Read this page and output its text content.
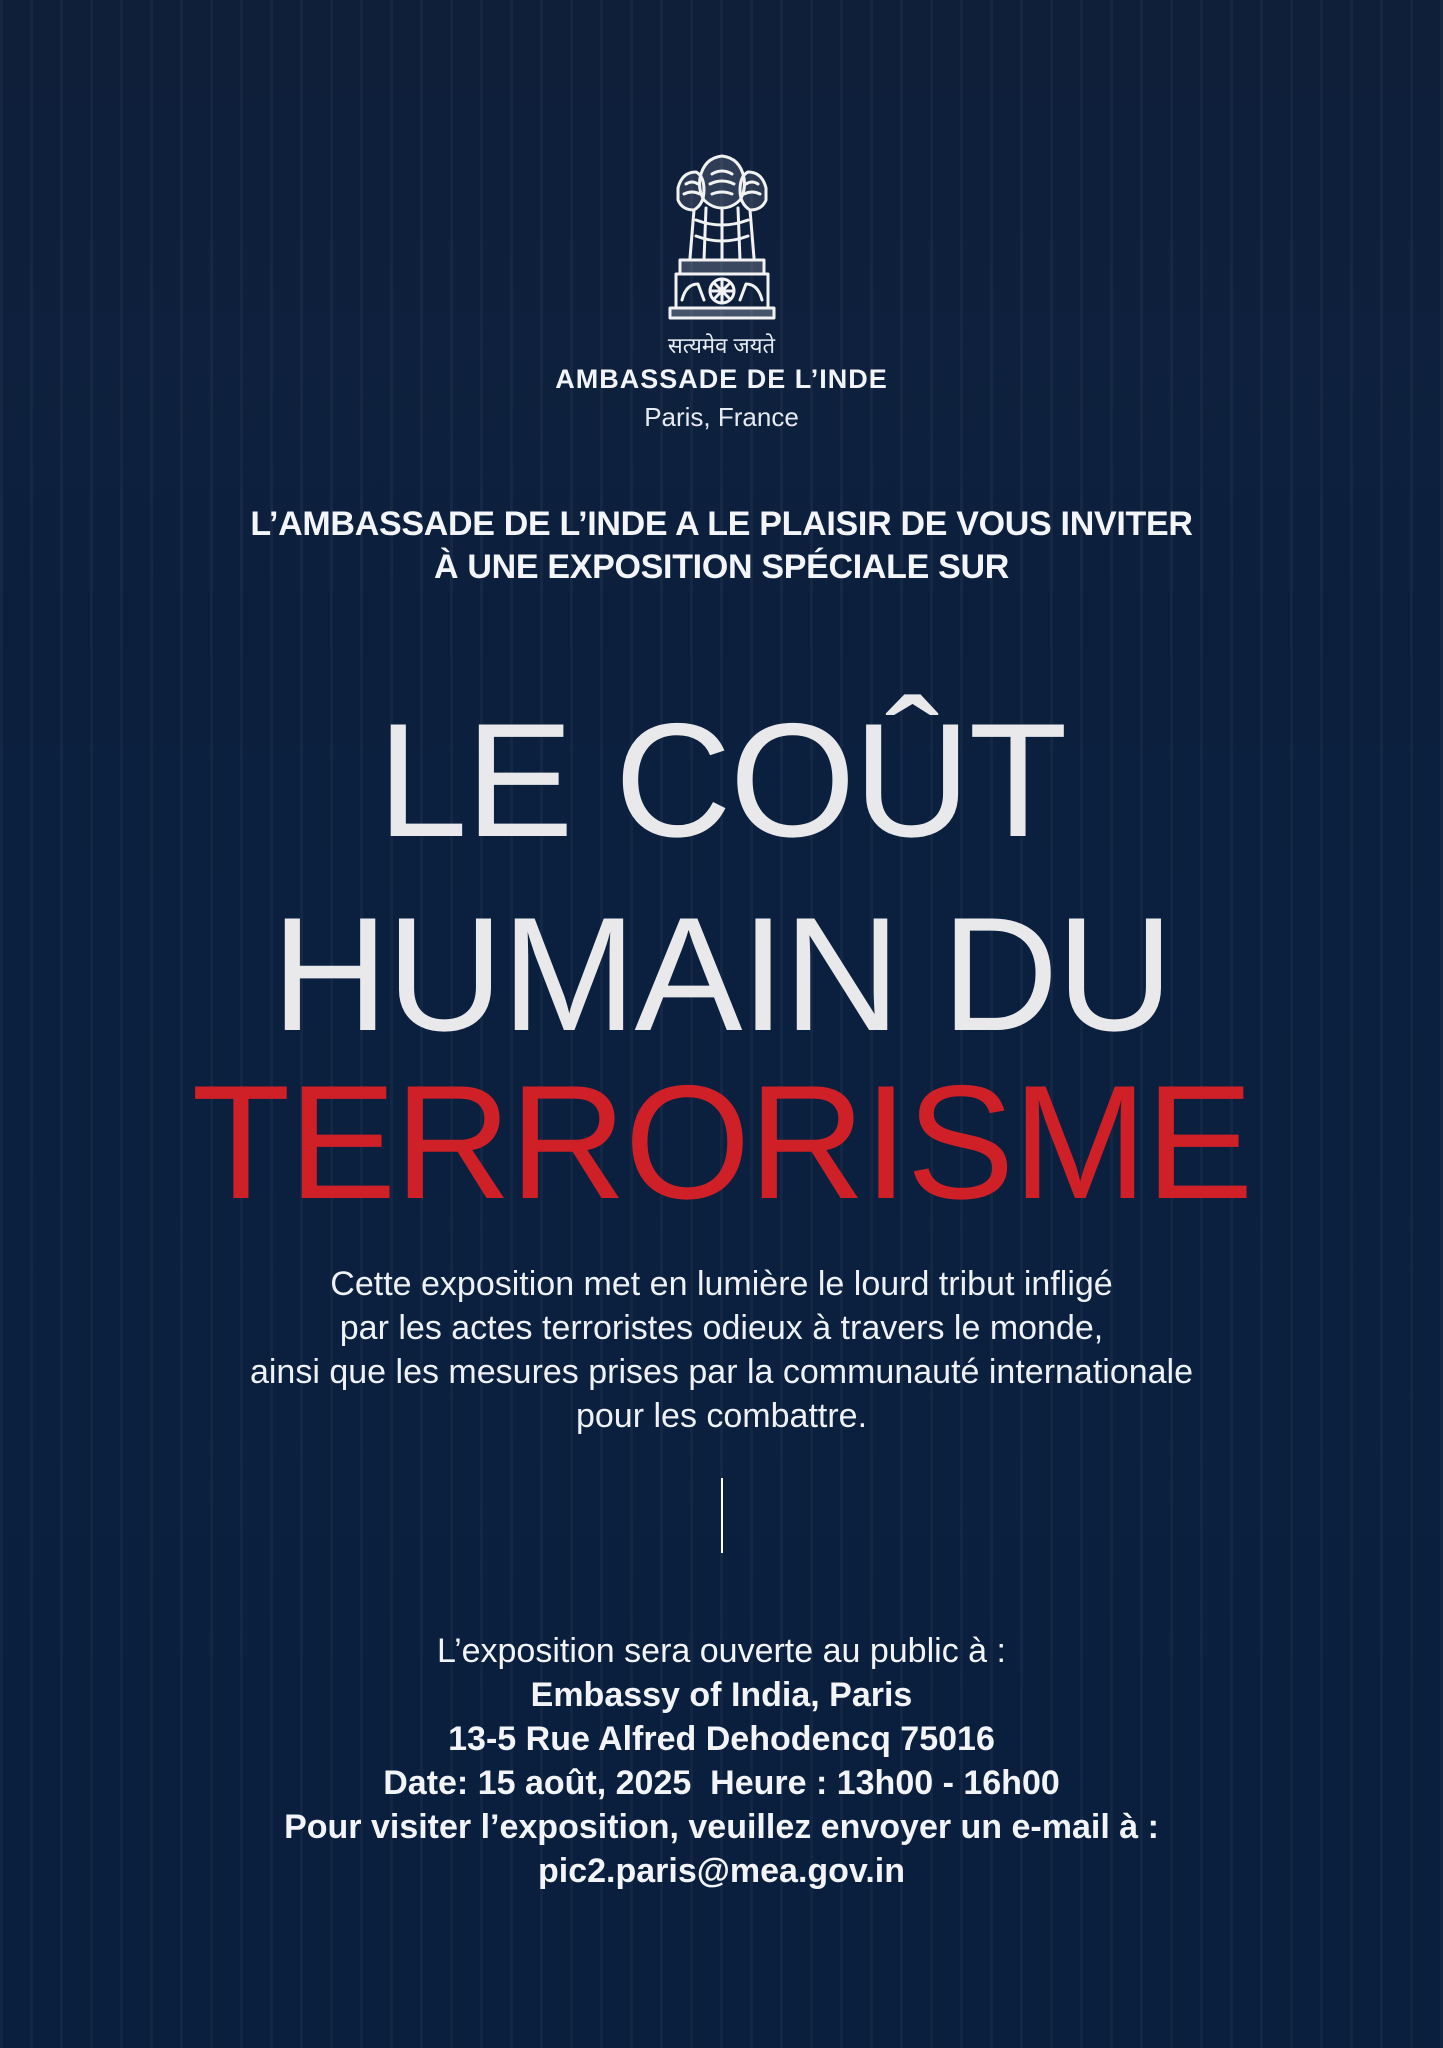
सत्यमेव जयते
AMBASSADE DE L’INDE
Paris, France
L’AMBASSADE DE L’INDE A LE PLAISIR DE VOUS INVITER
À UNE EXPOSITION SPÉCIALE SUR
LE COÛT
HUMAIN DU
TERRORISME
Cette exposition met en lumière le lourd tribut infligé
par les actes terroristes odieux à travers le monde,
ainsi que les mesures prises par la communauté internationale
pour les combattre.
L’exposition sera ouverte au public à :
Embassy of India, Paris
13-5 Rue Alfred Dehodencq 75016
Date: 15 août, 2025  Heure : 13h00 - 16h00
Pour visiter l’exposition, veuillez envoyer un e-mail à :
pic2.paris@mea.gov.in
